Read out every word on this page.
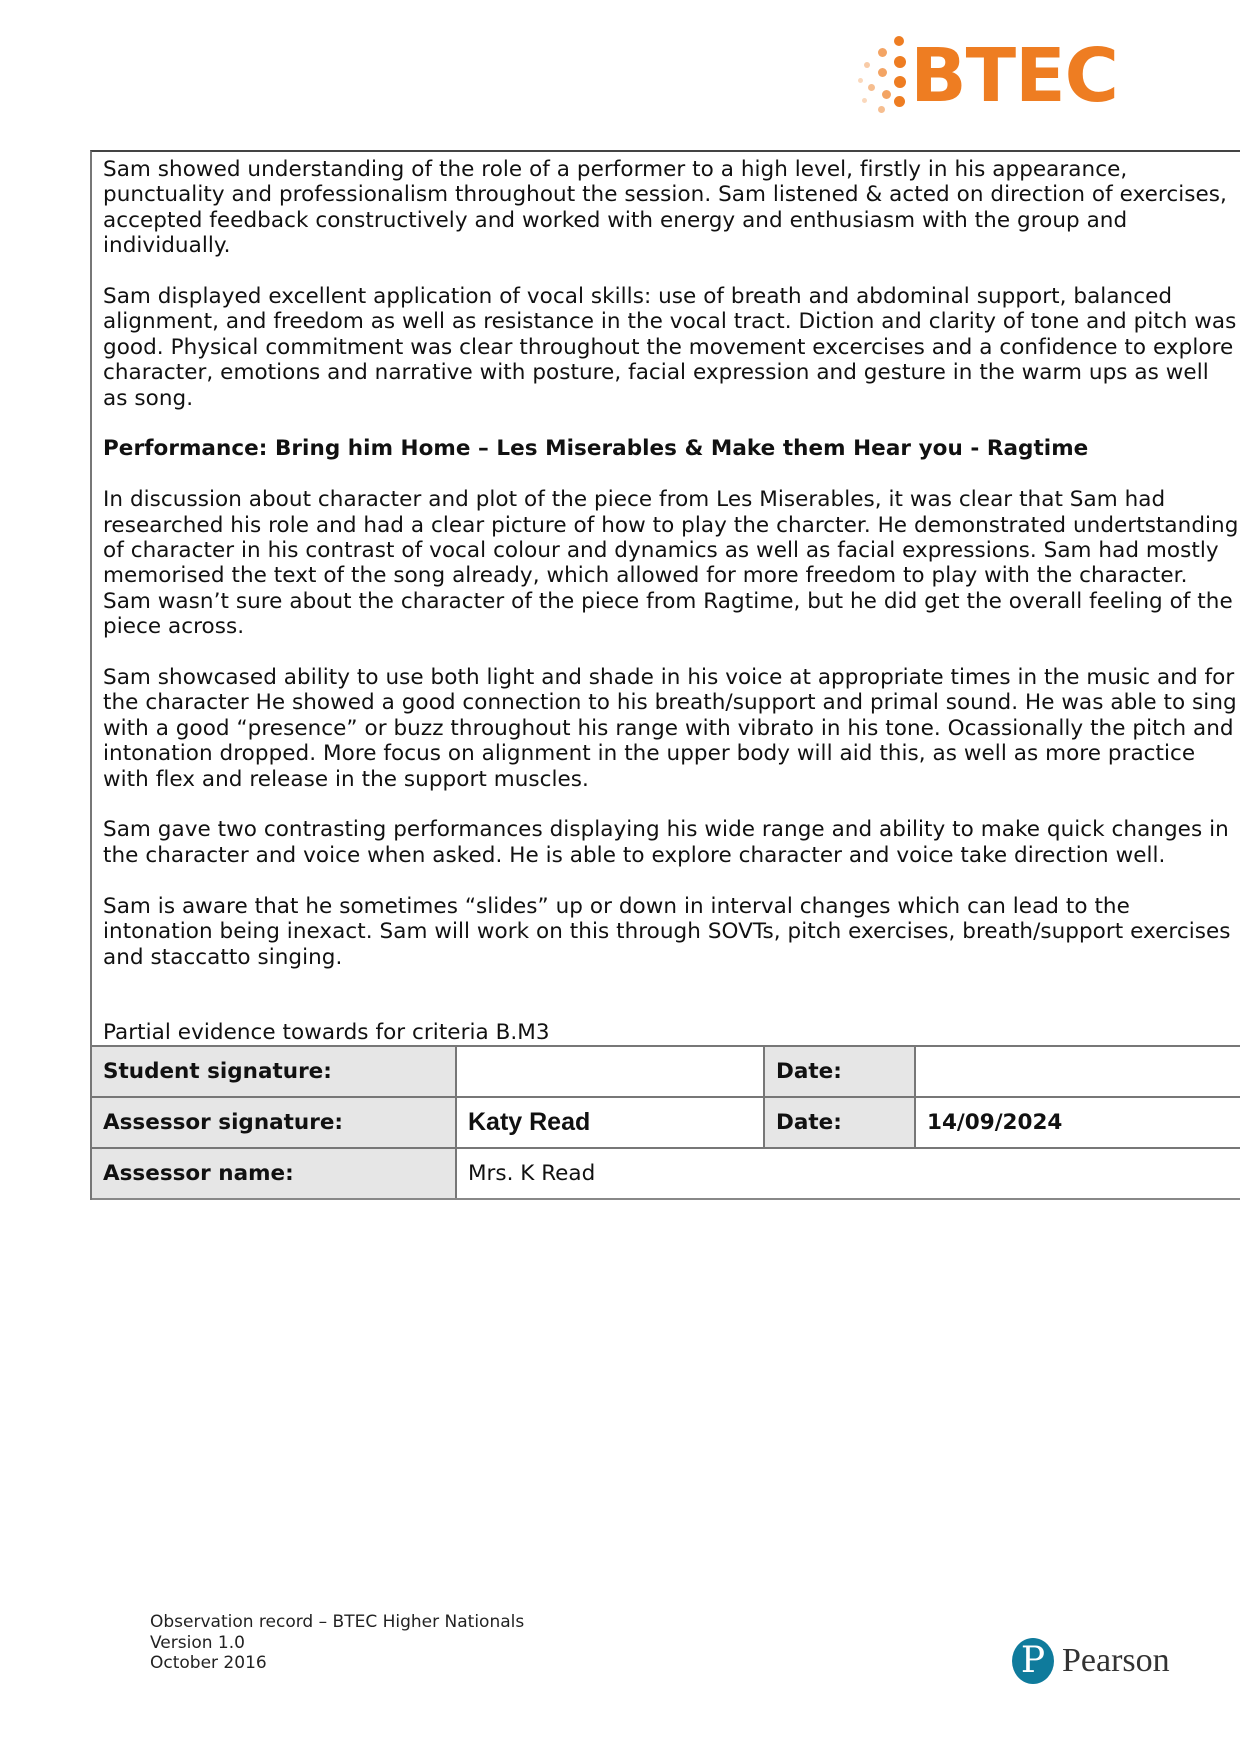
BTEC

Sam showed understanding of the role of a performer to a high level, firstly in his appearance, punctuality and professionalism throughout the session. Sam listened & acted on direction of exercises, accepted feedback constructively and worked with energy and enthusiasm with the group and individually.

Sam displayed excellent application of vocal skills: use of breath and abdominal support, balanced alignment, and freedom as well as resistance in the vocal tract. Diction and clarity of tone and pitch was good. Physical commitment was clear throughout the movement excercises and a confidence to explore character, emotions and narrative with posture, facial expression and gesture in the warm ups as well as song.

Performance: Bring him Home – Les Miserables & Make them Hear you - Ragtime

In discussion about character and plot of the piece from Les Miserables, it was clear that Sam had researched his role and had a clear picture of how to play the charcter. He demonstrated undertstanding of character in his contrast of vocal colour and dynamics as well as facial expressions. Sam had mostly memorised the text of the song already, which allowed for more freedom to play with the character. Sam wasn’t sure about the character of the piece from Ragtime, but he did get the overall feeling of the piece across.

Sam showcased ability to use both light and shade in his voice at appropriate times in the music and for the character He showed a good connection to his breath/support and primal sound. He was able to sing with a good “presence” or buzz throughout his range with vibrato in his tone. Ocassionally the pitch and intonation dropped. More focus on alignment in the upper body will aid this, as well as more practice with flex and release in the support muscles.

Sam gave two contrasting performances displaying his wide range and ability to make quick changes in the character and voice when asked. He is able to explore character and voice take direction well.

Sam is aware that he sometimes “slides” up or down in interval changes which can lead to the intonation being inexact. Sam will work on this through SOVTs, pitch exercises, breath/support exercises and staccatto singing.

Partial evidence towards for criteria B.M3

Student signature:		Date:	
Assessor signature:	Katy Read	Date:	14/09/2024
Assessor name:	Mrs. K Read		
Observation record – BTEC Higher Nationals
Version 1.0
October 2016	P Pearson
